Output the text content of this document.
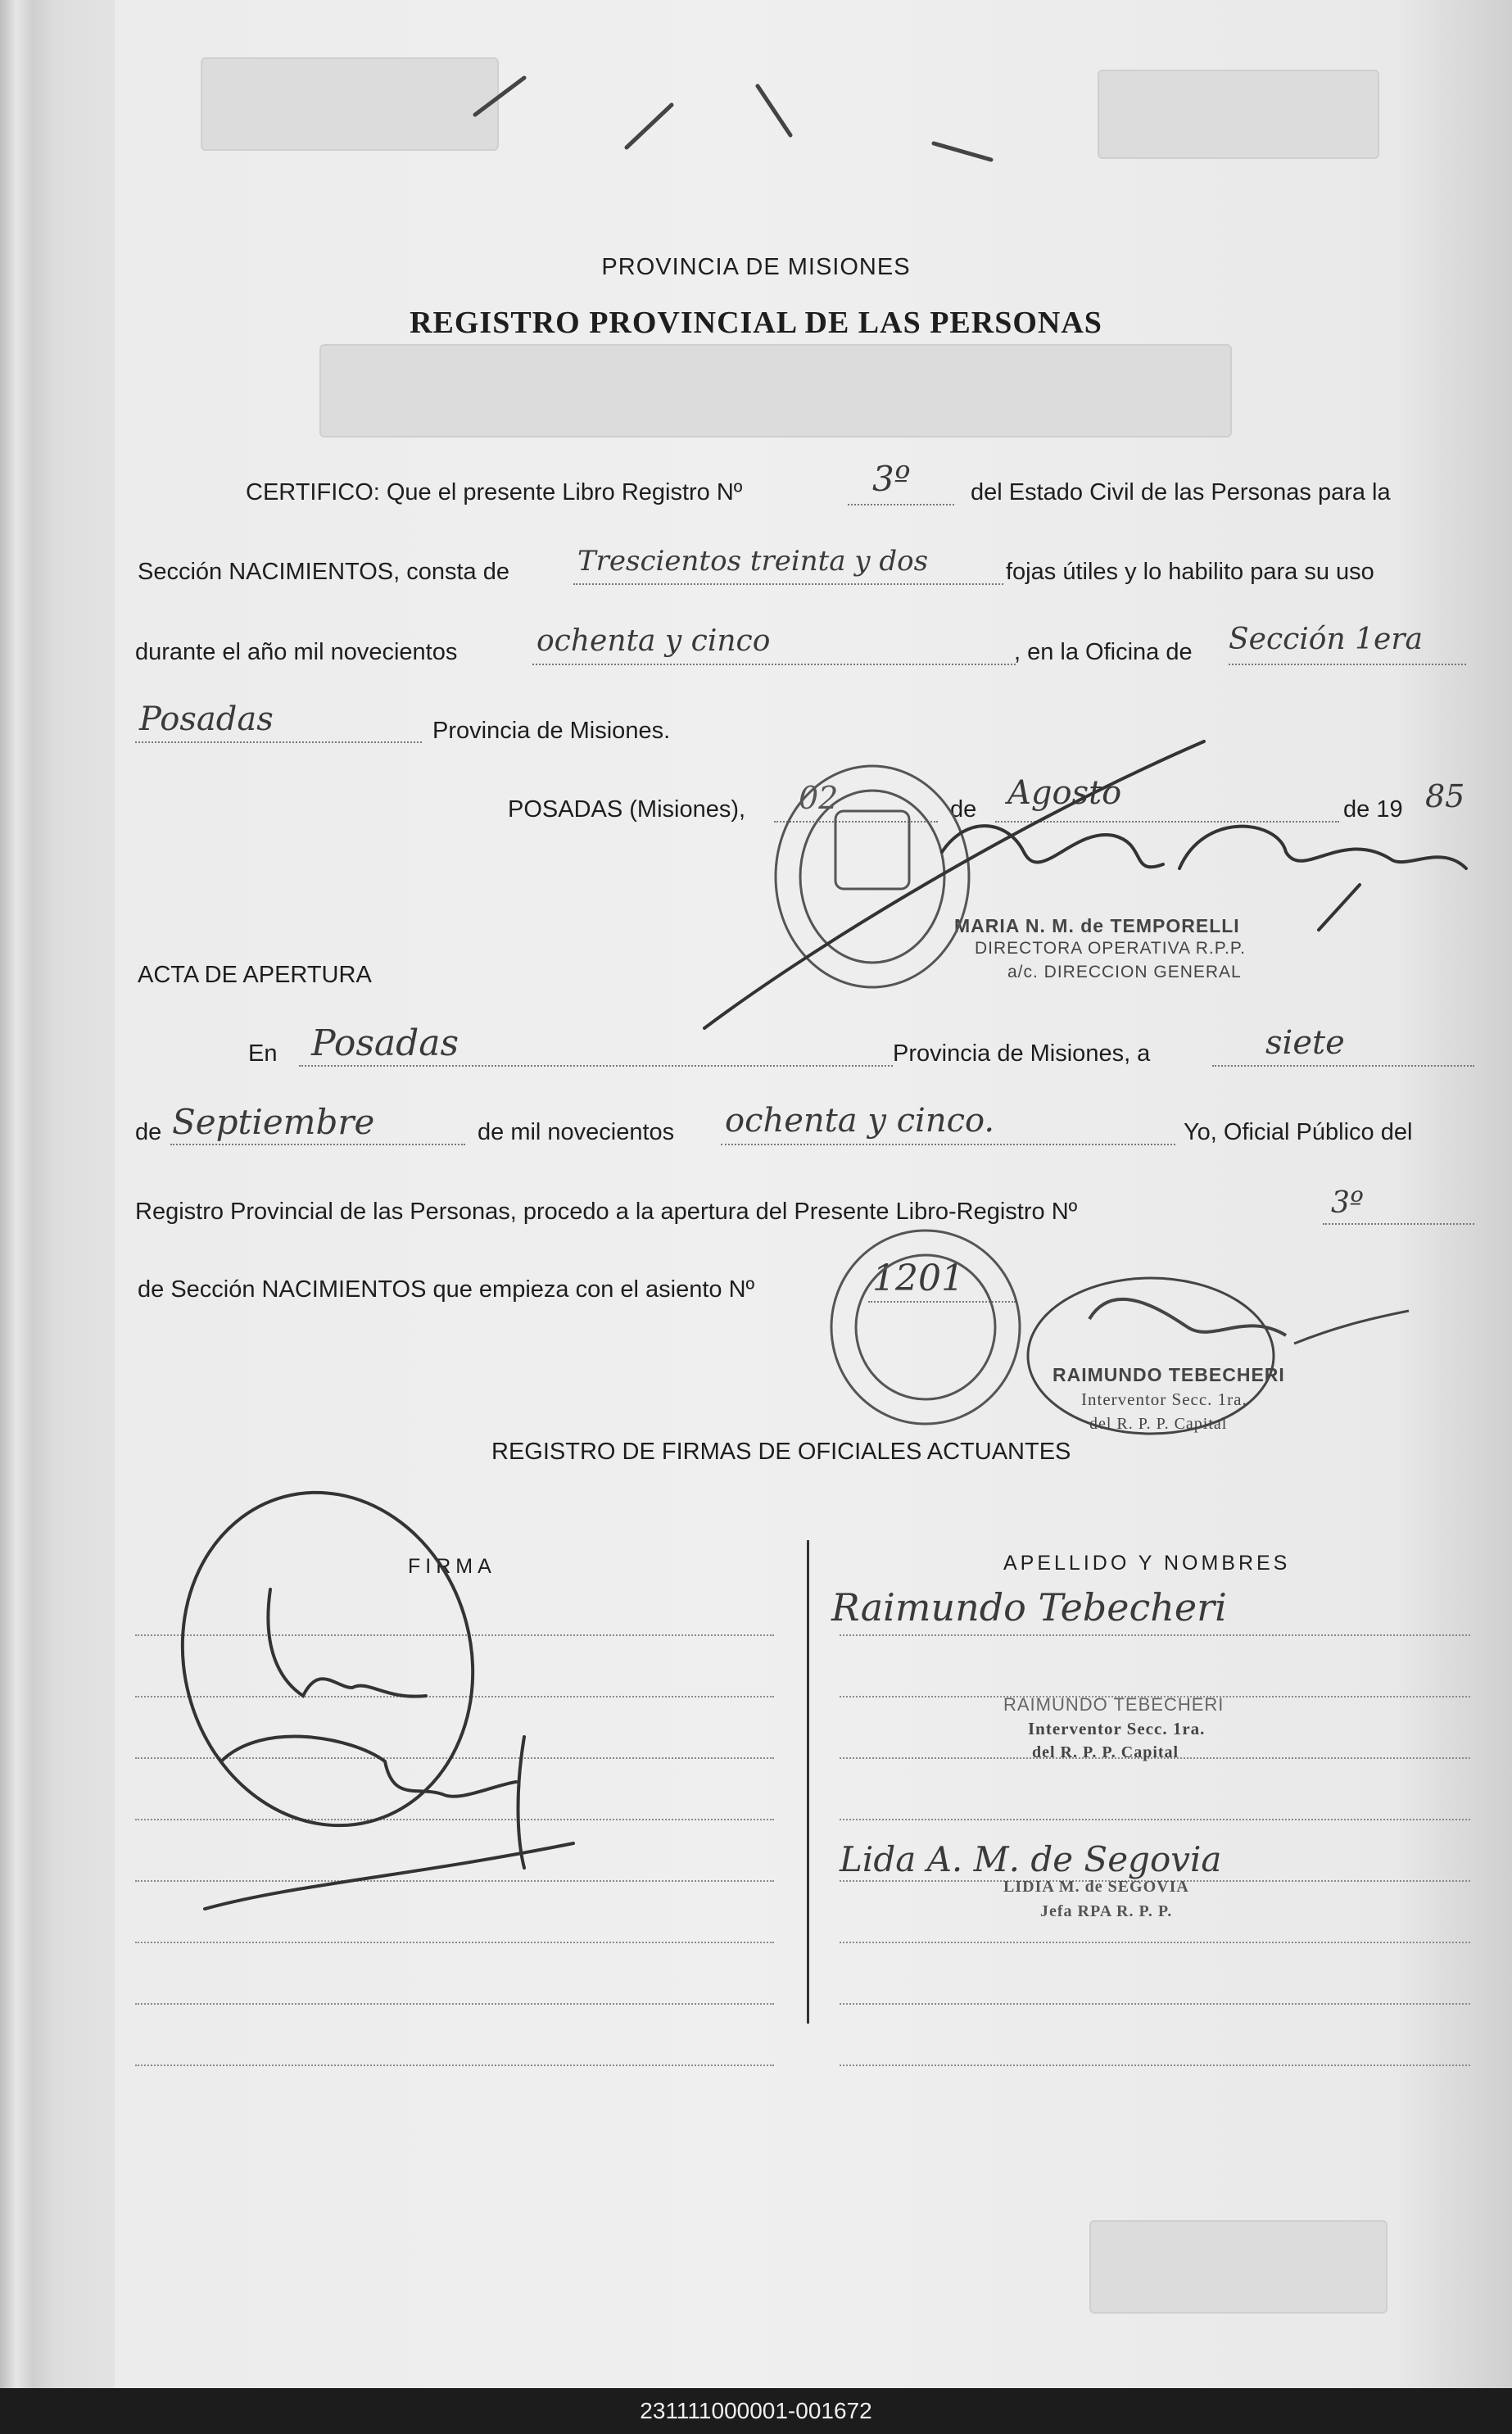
PROVINCIA DE MISIONES
REGISTRO PROVINCIAL DE LAS PERSONAS
CERTIFICO: Que el presente Libro Registro Nº	3º	del Estado Civil de las Personas para la
Sección NACIMIENTOS, consta de Trescientos treinta y dos	fojas útiles y lo habilito para su uso
durante el año mil novecientos	ochenta y cinco	, en la Oficina de Sección 1era
Posadas	Provincia de Misiones.
POSADAS (Misiones), 02	de Agosto	de 19 85
MARIA N. M. de TEMPORELLI
DIRECTORA OPERATIVA R.P.P.
a/c. DIRECCION GENERAL
ACTA DE APERTURA
En Posadas	Provincia de Misiones, a	siete
de Septiembre	de mil novecientos ochenta y cinco.	Yo, Oficial Público del
Registro Provincial de las Personas, procedo a la apertura del Presente Libro-Registro Nº	3º
de Sección NACIMIENTOS que empieza con el asiento Nº	1201
RAIMUNDO TEBECHERI
Interventor Secc. 1ra.
del R. P. P. Capital
REGISTRO DE FIRMAS DE OFICIALES ACTUANTES
FIRMA	APELLIDO Y NOMBRES
Raimundo Tebecheri
RAIMUNDO TEBECHERI
Interventor Secc. 1ra.
del R. P. P. Capital
Lida A. M. de Segovia
LIDIA M. de SEGOVIA
Jefa RPA R. P. P.
231111000001-001672
